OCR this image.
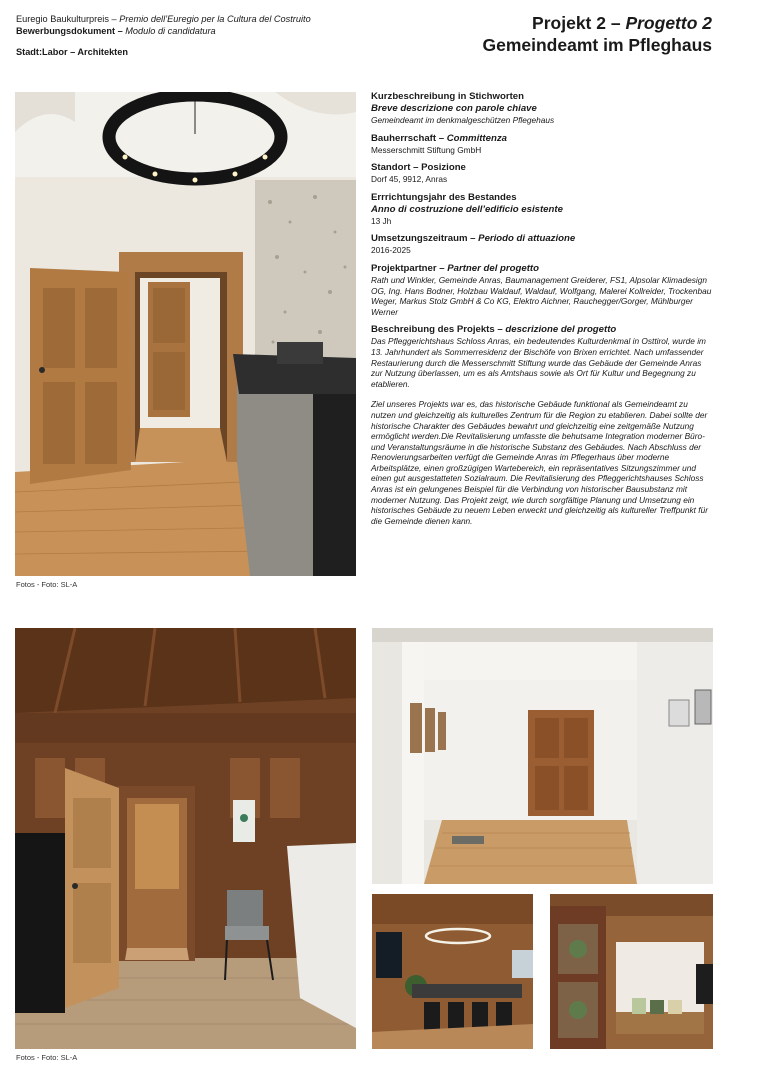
Euregio Baukulturpreis – Premio dell’Euregio per la Cultura del Costruito
Bewerbungsdokument – Modulo di candidatura
Stadt:Labor – Architekten
Projekt 2 – Progetto 2
Gemeindeamt im Pfleghaus
Fotos - Foto: SL-A
Kurzbeschreibung in Stichworten
Breve descrizione con parole chiave
Gemeindeamt im denkmalgeschützen Pflegehaus
Bauherrschaft – Committenza
Messerschmitt Stiftung GmbH
Standort – Posizione
Dorf 45, 9912, Anras
Errrichtungsjahr des Bestandes
Anno di costruzione dell’edificio esistente
13 Jh
Umsetzungszeitraum – Periodo di attuazione
2016-2025
Projektpartner – Partner del progetto
Rath und Winkler, Gemeinde Anras, Baumanagement Greiderer, FS1, Alpsolar Klimadesign OG, Ing. Hans Bodner, Holzbau Waldauf, Waldauf, Wolfgang, Malerei Kollreider, Trockenbau Weger, Markus Stolz GmbH & Co KG, Elektro Aichner, Rauchegger/Gorger, Mühlburger Werner
Beschreibung des Projekts – descrizione del progetto
Das Pfleggerichtshaus Schloss Anras, ein bedeutendes Kulturdenkmal in Osttirol, wurde im 13. Jahrhundert als Sommerresidenz der Bischöfe von Brixen errichtet. Nach umfassender Restaurierung durch die Messerschmitt Stiftung wurde das Gebäude der Gemeinde Anras zur Nutzung überlassen, um es als Amtshaus sowie als Ort für Kultur und Begegnung zu etablieren.
Ziel unseres Projekts war es, das historische Gebäude funktional als Gemeindeamt zu nutzen und gleichzeitig als kulturelles Zentrum für die Region zu etablieren. Dabei sollte der historische Charakter des Gebäudes bewahrt und gleichzeitig eine zeitgemäße Nutzung ermöglicht werden.Die Revitalisierung umfasste die behutsame Integration moderner Büro- und Veranstaltungsräume in die historische Substanz des Gebäudes. Nach Abschluss der Renovierungsarbeiten verfügt die Gemeinde Anras im Pflegerhaus über moderne Arbeitsplätze, einen großzügigen Wartebereich, ein repräsentatives Sitzungszimmer und einen gut ausgestatteten Sozialraum. Die Revitalisierung des Pfleggerichtshauses Schloss Anras ist ein gelungenes Beispiel für die Verbindung von historischer Bausubstanz mit moderner Nutzung. Das Projekt zeigt, wie durch sorgfältige Planung und Umsetzung ein historisches Gebäude zu neuem Leben erweckt und gleichzeitig als kultureller Treffpunkt für die Gemeinde dienen kann.
Fotos - Foto: SL-A
